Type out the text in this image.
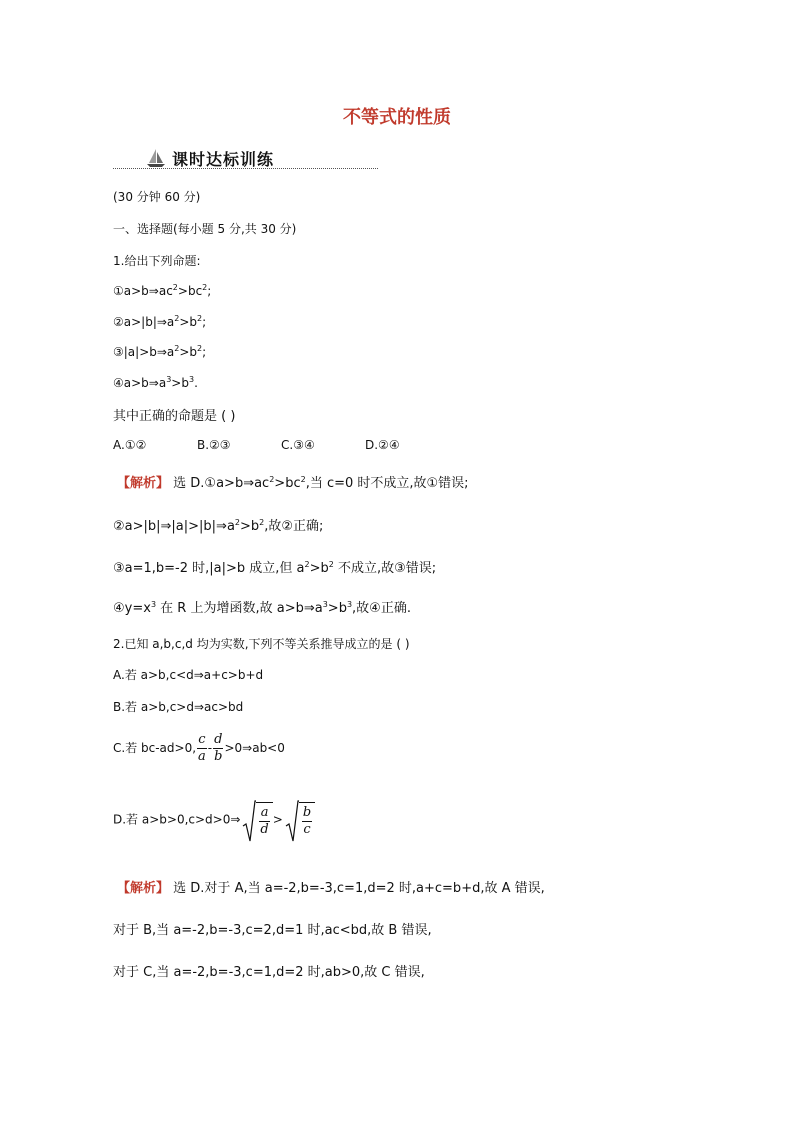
不等式的性质
课时达标训练
(30 分钟 60 分)
一、选择题(每小题 5 分,共 30 分)
1.给出下列命题:
$①a>b\Rightarrow ac^2>bc^2$;
$②a>|b|\Rightarrow a^2>b^2$;
$③|a|>b\Rightarrow a^2>b^2$;
$④a>b\Rightarrow a^3>b^3$.
其中正确的命题是 ( )
A.①②	B.②③	C.③④	D.②④
【解析】 选 $D.①a>b\Rightarrow ac^2>bc^2$,当 c=0 时不成立,故①错误;
$②a>|b|\Rightarrow|a|>|b|\Rightarrow a^2>b^2$,故②正确;
③a=1,b=-2 时,|a|>b 成立,但 $a^2>b^2$ 不成立,故③错误;
$④y=x^3$ 在 R 上为增函数,故 $a>b\Rightarrow a^3>b^3$,故④正确.
2.已知 a,b,c,d 均为实数,下列不等关系推导成立的是 ( )
A.若 a>b,c<d⇒a+c>b+d
B.若 a>b,c>d⇒ac>bd
C.若 bc-ad>0, $\frac{c}{a} - \frac{d}{b}$ >0⇒ab<0
D.若 a>b>0,c>d>0⇒ $\frac{a}{d} > \frac{b}{c}$
【解析】 选 D.对于 A,当 a=-2,b=-3,c=1,d=2 时,a+c=b+d,故 A 错误,
对于 B,当 a=-2,b=-3,c=2,d=1 时,ac<bd,故 B 错误,
对于 C,当 a=-2,b=-3,c=1,d=2 时,ab>0,故 C 错误,
